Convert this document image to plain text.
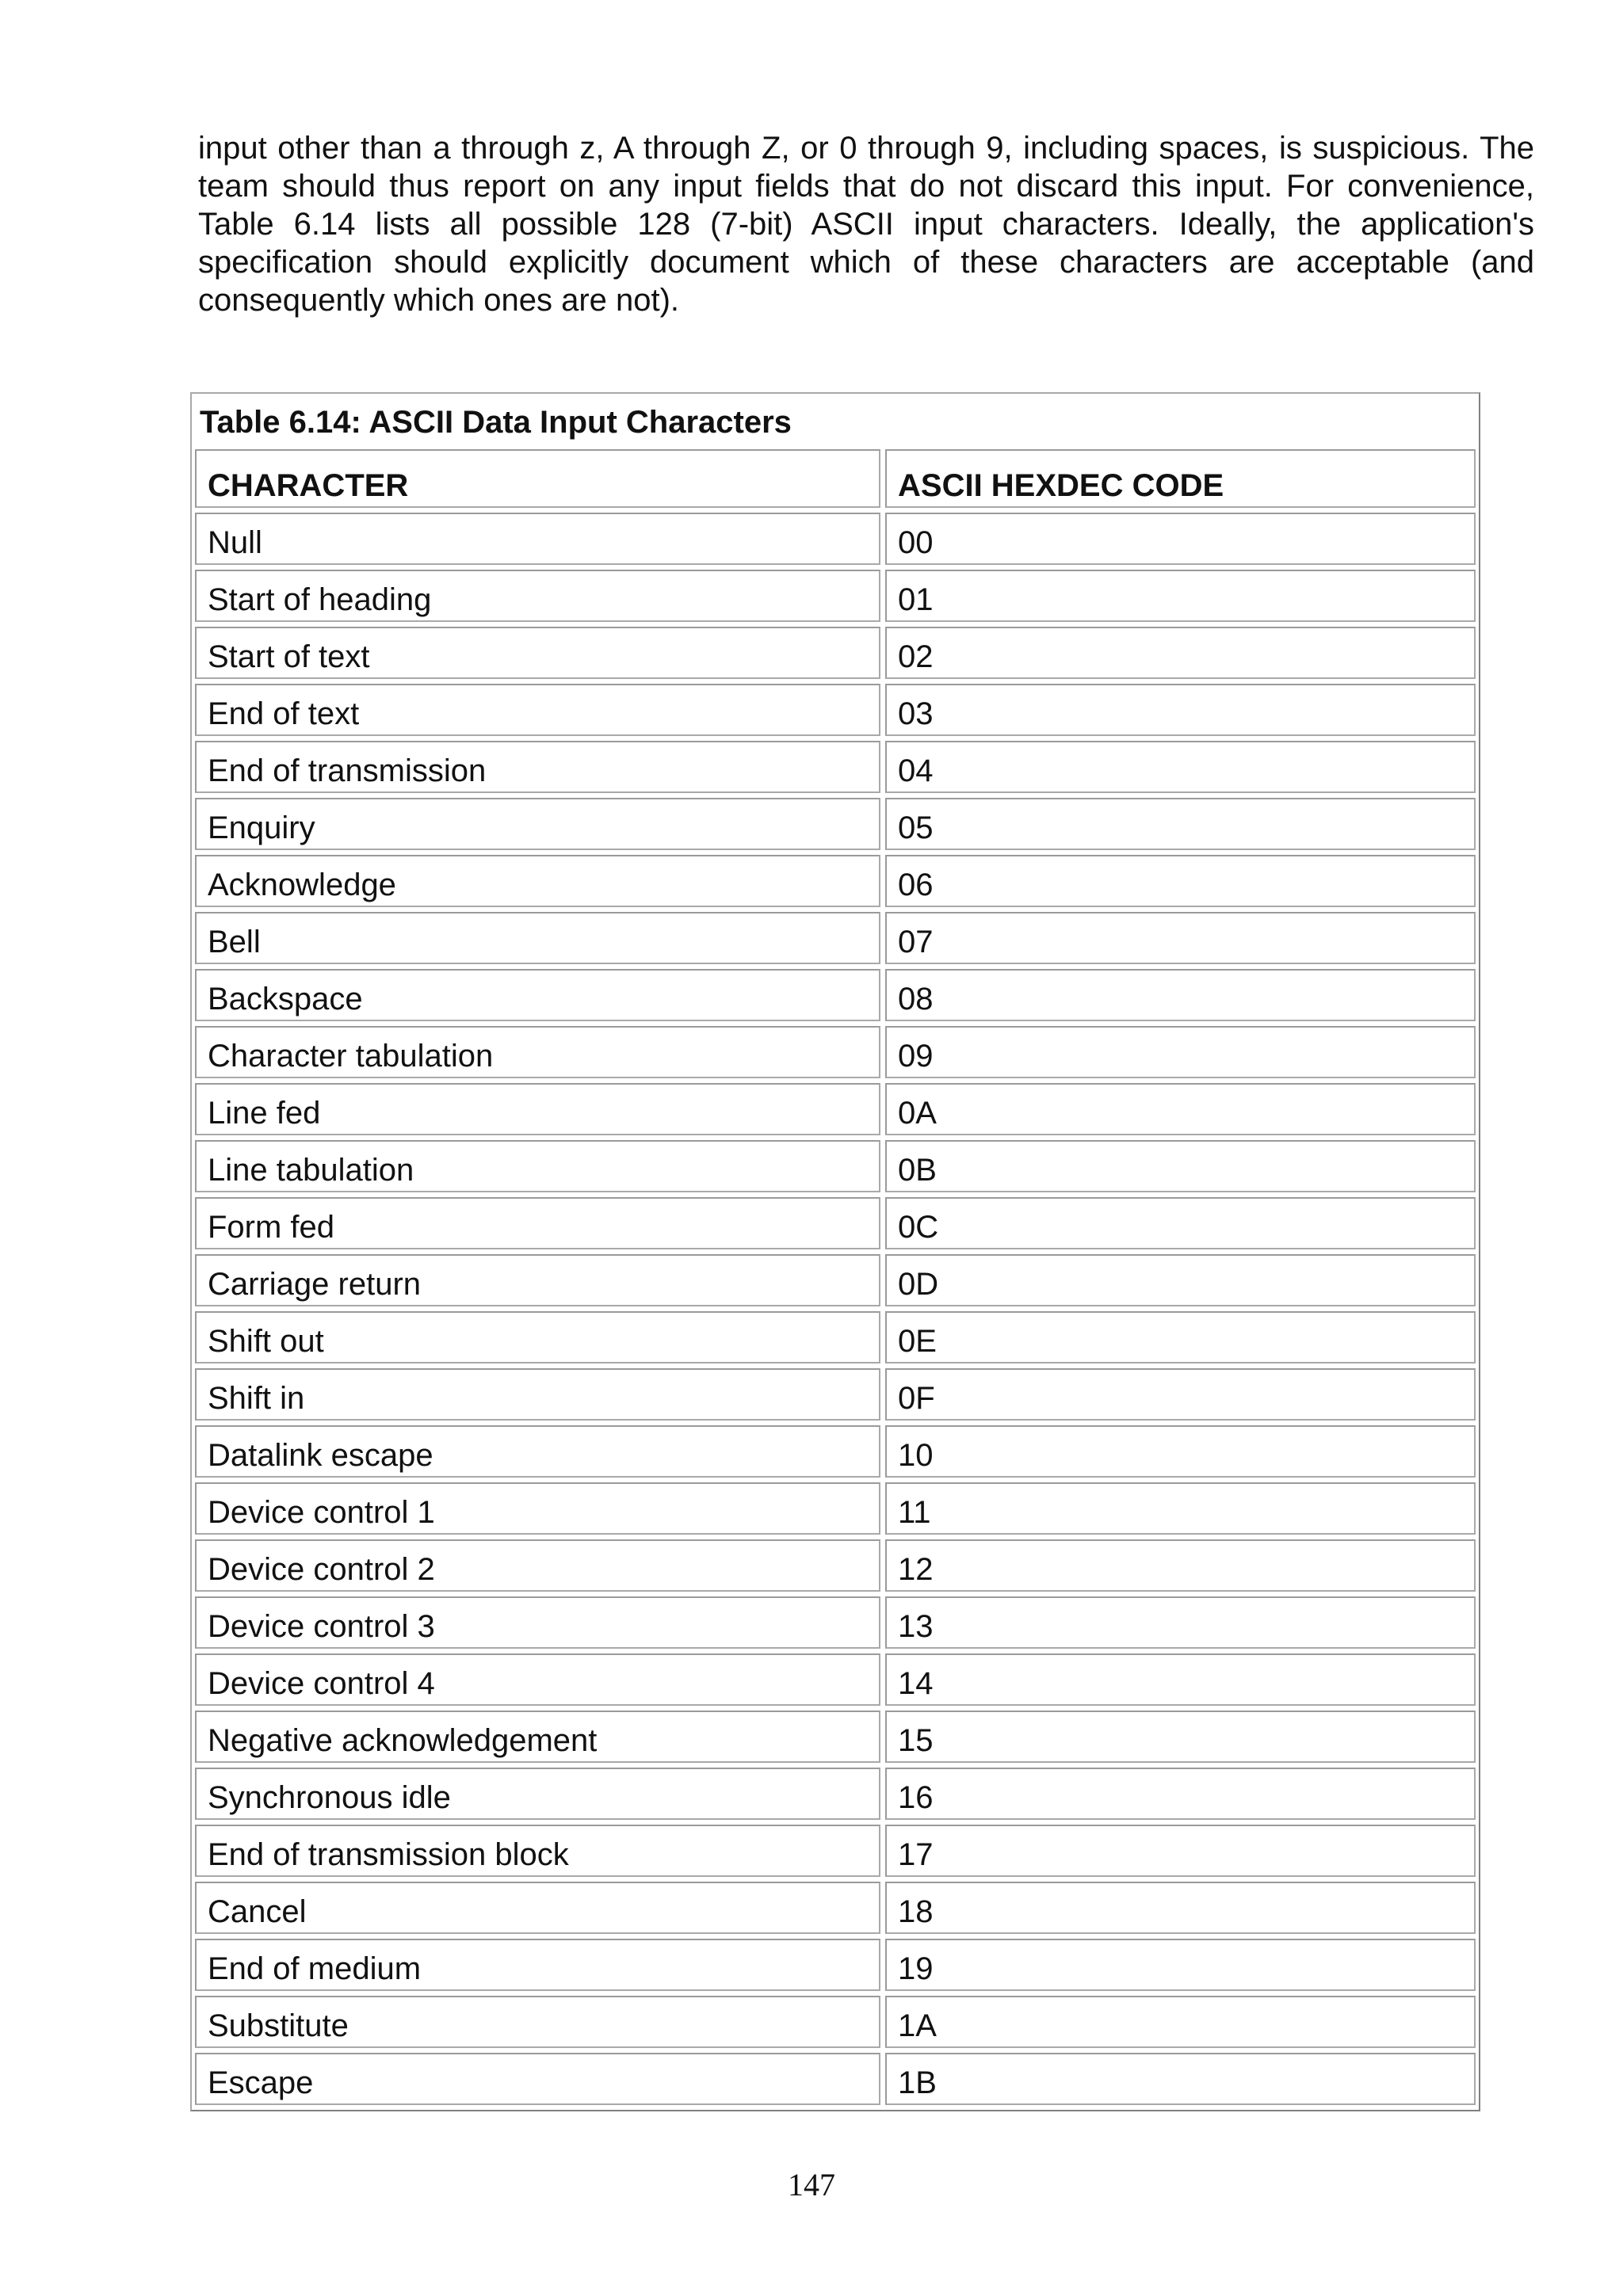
input other than a through z, A through Z, or 0 through 9, including spaces, is suspicious. The team should thus report on any input fields that do not discard this input. For convenience, Table 6.14 lists all possible 128 (7-bit) ASCII input characters. Ideally, the application's specification should explicitly document which of these characters are acceptable (and consequently which ones are not).

Table 6.14: ASCII Data Input Characters
CHARACTER	ASCII HEXDEC CODE
Null	00
Start of heading	01
Start of text	02
End of text	03
End of transmission	04
Enquiry	05
Acknowledge	06
Bell	07
Backspace	08
Character tabulation	09
Line fed	0A
Line tabulation	0B
Form fed	0C
Carriage return	0D
Shift out	0E
Shift in	0F
Datalink escape	10
Device control 1	11
Device control 2	12
Device control 3	13
Device control 4	14
Negative acknowledgement	15
Synchronous idle	16
End of transmission block	17
Cancel	18
End of medium	19
Substitute	1A
Escape	1B
147
